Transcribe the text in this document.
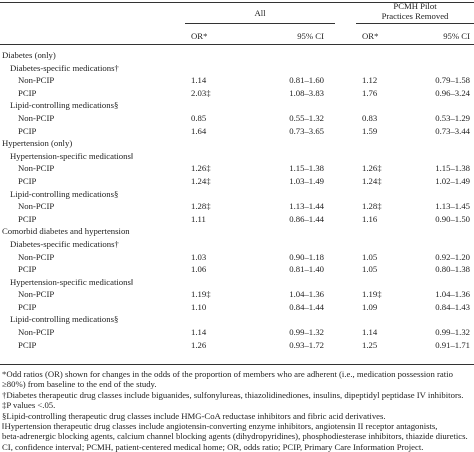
All
PCMH Pilot
Practices Removed
OR*	95% CI	OR*	95% CI
Diabetes (only)
Diabetes-specific medications†
Non-PCIP	1.14	0.81–1.60	1.12	0.79–1.58
PCIP	2.03‡	1.08–3.83	1.76	0.96–3.24
Lipid-controlling medications§
Non-PCIP	0.85	0.55–1.32	0.83	0.53–1.29
PCIP	1.64	0.73–3.65	1.59	0.73–3.44
Hypertension (only)
Hypertension-specific medications‖
Non-PCIP	1.26‡	1.15–1.38	1.26‡	1.15–1.38
PCIP	1.24‡	1.03–1.49	1.24‡	1.02–1.49
Lipid-controlling medications§
Non-PCIP	1.28‡	1.13–1.44	1.28‡	1.13–1.45
PCIP	1.11	0.86–1.44	1.16	0.90–1.50
Comorbid diabetes and hypertension
Diabetes-specific medications†
Non-PCIP	1.03	0.90–1.18	1.05	0.92–1.20
PCIP	1.06	0.81–1.40	1.05	0.80–1.38
Hypertension-specific medications‖
Non-PCIP	1.19‡	1.04–1.36	1.19‡	1.04–1.36
PCIP	1.10	0.84–1.44	1.09	0.84–1.43
Lipid-controlling medications§
Non-PCIP	1.14	0.99–1.32	1.14	0.99–1.32
PCIP	1.26	0.93–1.72	1.25	0.91–1.71
*Odd ratios (OR) shown for changes in the odds of the proportion of members who are adherent (i.e., medication possession ratio
≥80%) from baseline to the end of the study.
†Diabetes therapeutic drug classes include biguanides, sulfonylureas, thiazolidinediones, insulins, dipeptidyl peptidase IV inhibitors.
‡P values <.05.
§Lipid-controlling therapeutic drug classes include HMG-CoA reductase inhibitors and fibric acid derivatives.
‖Hypertension therapeutic drug classes include angiotensin-converting enzyme inhibitors, angiotensin II receptor antagonists,
beta-adrenergic blocking agents, calcium channel blocking agents (dihydropyridines), phosphodiesterase inhibitors, thiazide diuretics.
CI, confidence interval; PCMH, patient-centered medical home; OR, odds ratio; PCIP, Primary Care Information Project.
